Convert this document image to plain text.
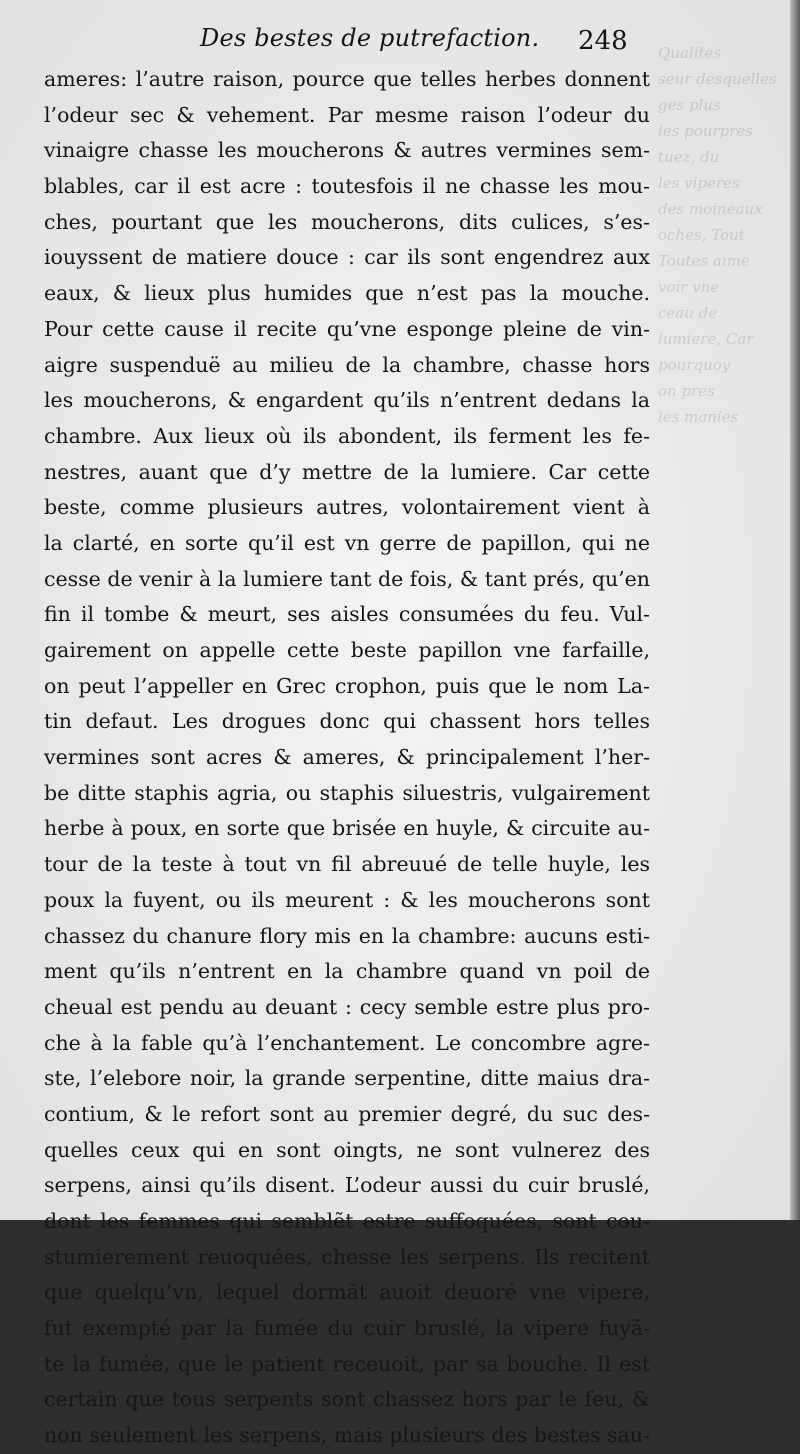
Qualites
seur desquelles
ges plus
les pourpres
tuez, du
les viperes
des moineaux
oches, Tout
Toutes aime
voir vne
ceau de
lumiere, Car
pourquoy
on pres
les manies
Des bestes de putrefaction. 248
ameres: l’autre raison, pource que telles herbes donnent
l’odeur sec & vehement. Par mesme raison l’odeur du
vinaigre chasse les moucherons & autres vermines sem-
blables, car il est acre : toutesfois il ne chasse les mou-
ches, pourtant que les moucherons, dits culices, s’es-
iouyssent de matiere douce : car ils sont engendrez aux
eaux, & lieux plus humides que n’est pas la mouche.
Pour cette cause il recite qu’vne esponge pleine de vin-
aigre suspenduë au milieu de la chambre, chasse hors
les moucherons, & engardent qu’ils n’entrent dedans la
chambre. Aux lieux où ils abondent, ils ferment les fe-
nestres, auant que d’y mettre de la lumiere. Car cette
beste, comme plusieurs autres, volontairement vient à
la clarté, en sorte qu’il est vn gerre de papillon, qui ne
cesse de venir à la lumiere tant de fois, & tant prés, qu’en
fin il tombe & meurt, ses aisles consumées du feu. Vul-
gairement on appelle cette beste papillon vne farfaille,
on peut l’appeller en Grec crophon, puis que le nom La-
tin defaut. Les drogues donc qui chassent hors telles
vermines sont acres & ameres, & principalement l’her-
be ditte staphis agria, ou staphis siluestris, vulgairement
herbe à poux, en sorte que brisée en huyle, & circuite au-
tour de la teste à tout vn fil abreuué de telle huyle, les
poux la fuyent, ou ils meurent : & les moucherons sont
chassez du chanure flory mis en la chambre: aucuns esti-
ment qu’ils n’entrent en la chambre quand vn poil de
cheual est pendu au deuant : cecy semble estre plus pro-
che à la fable qu’à l’enchantement. Le concombre agre-
ste, l’elebore noir, la grande serpentine, ditte maius dra-
contium, & le refort sont au premier degré, du suc des-
quelles ceux qui en sont oingts, ne sont vulnerez des
serpens, ainsi qu’ils disent. L’odeur aussi du cuir bruslé,
dont les femmes qui semblẽt estre suffoquées, sont cou-
stumierement reuoquées, chesse les serpens. Ils recitent
que quelqu’vn, lequel dormãt auoit deuoré vne vipere,
fut exempté par la fumée du cuir bruslé, la vipere fuyã-
te la fumée, que le patient receuoit, par sa bouche. Il est
certain que tous serpents sont chassez hors par le feu, &
non seulement les serpens, mais plusieurs des bestes sau-
